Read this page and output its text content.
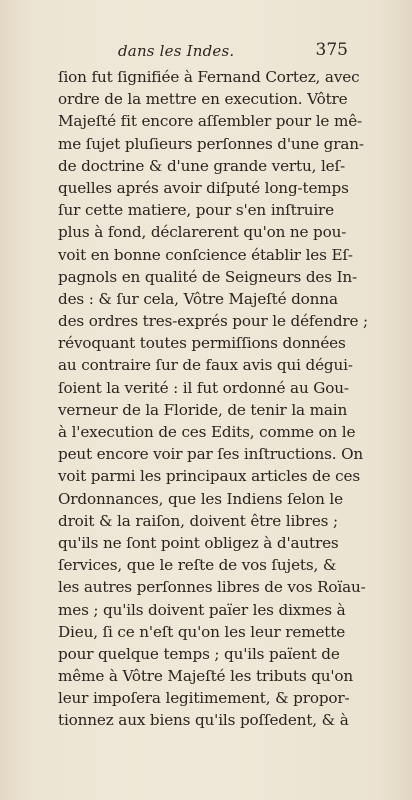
dans les Indes.	375
ſion fut ſignifiée à Fernand Cortez, avec
ordre de la mettre en execution. Vôtre
Majeſté fit encore aſſembler pour le mê-
me ſujet pluſieurs perſonnes d'une gran-
de doctrine & d'une grande vertu, leſ-
quelles aprés avoir diſputé long-temps
ſur cette matiere, pour s'en inſtruire
plus à fond, déclarerent qu'on ne pou-
voit en bonne conſcience établir les Eſ-
pagnols en qualité de Seigneurs des In-
des : & ſur cela, Vôtre Majeſté donna
des ordres tres-exprés pour le défendre ;
révoquant toutes permiſſions données
au contraire ſur de faux avis qui dégui-
ſoient la verité : il fut ordonné au Gou-
verneur de la Floride, de tenir la main
à l'execution de ces Edits, comme on le
peut encore voir par ſes inſtructions. On
voit parmi les principaux articles de ces
Ordonnances, que les Indiens ſelon le
droit & la raiſon, doivent être libres ;
qu'ils ne ſont point obligez à d'autres
ſervices, que le reſte de vos ſujets, &
les autres perſonnes libres de vos Roïau-
mes ; qu'ils doivent païer les dixmes à
Dieu, ſi ce n'eſt qu'on les leur remette
pour quelque temps ; qu'ils païent de
même à Vôtre Majeſté les tributs qu'on
leur impoſera legitimement, & propor-
tionnez aux biens qu'ils poſſedent, & à
